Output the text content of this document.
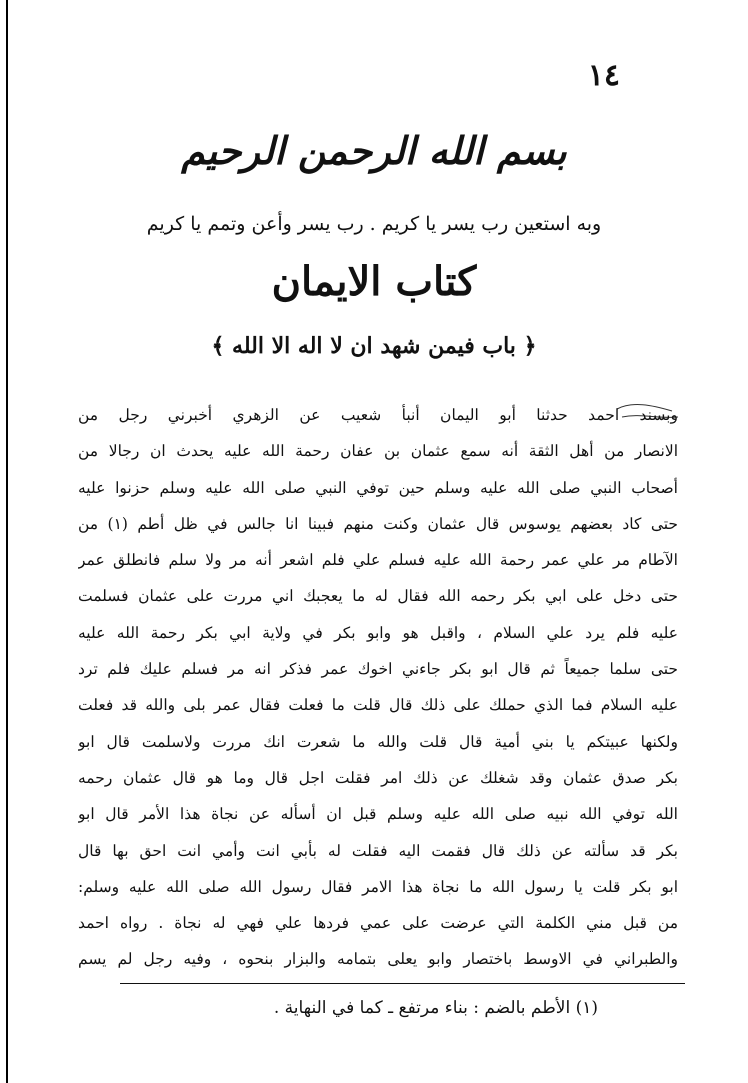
١٤
بسم الله الرحمن الرحيم
وبه استعين رب يسر يا كريم . رب يسر وأعن وتمم يا كريم
كتاب الايمان
﴿ باب فيمن شهد ان لا اله الا الله ﴾
وبسند احمد حدثنا أبو اليمان أنبأ شعيب عن الزهري أخبرني رجل من
الانصار من أهل الثقة أنه سمع عثمان بن عفان رحمة الله عليه يحدث ان رجالا من
أصحاب النبي صلى الله عليه وسلم حين توفي النبي صلى الله عليه وسلم حزنوا عليه
حتى كاد بعضهم يوسوس قال عثمان وكنت منهم فبينا انا جالس في ظل أطم (١) من
الآطام مر علي عمر رحمة الله عليه فسلم علي فلم اشعر أنه مر ولا سلم فانطلق عمر
حتى دخل على ابي بكر رحمه الله فقال له ما يعجبك اني مررت على عثمان فسلمت
عليه فلم يرد علي السلام ، واقبل هو وابو بكر في ولاية ابي بكر رحمة الله عليه
حتى سلما جميعاً ثم قال ابو بكر جاءني اخوك عمر فذكر انه مر فسلم عليك فلم ترد
عليه السلام فما الذي حملك على ذلك قال قلت ما فعلت فقال عمر بلى والله قد فعلت
ولكنها عبيتكم يا بني أمية قال قلت والله ما شعرت انك مررت ولاسلمت قال ابو
بكر صدق عثمان وقد شغلك عن ذلك امر فقلت اجل قال وما هو قال عثمان رحمه
الله توفي الله نبيه صلى الله عليه وسلم قبل ان أسأله عن نجاة هذا الأمر قال ابو
بكر قد سألته عن ذلك قال فقمت اليه فقلت له بأبي انت وأمي انت احق بها قال
ابو بكر قلت يا رسول الله ما نجاة هذا الامر فقال رسول الله صلى الله عليه وسلم:
من قبل مني الكلمة التي عرضت على عمي فردها علي فهي له نجاة . رواه احمد
والطبراني في الاوسط باختصار وابو يعلى بتمامه والبزار بنحوه ، وفيه رجل لم يسم
(١) الأطم بالضم : بناء مرتفع ـ كما في النهاية .
